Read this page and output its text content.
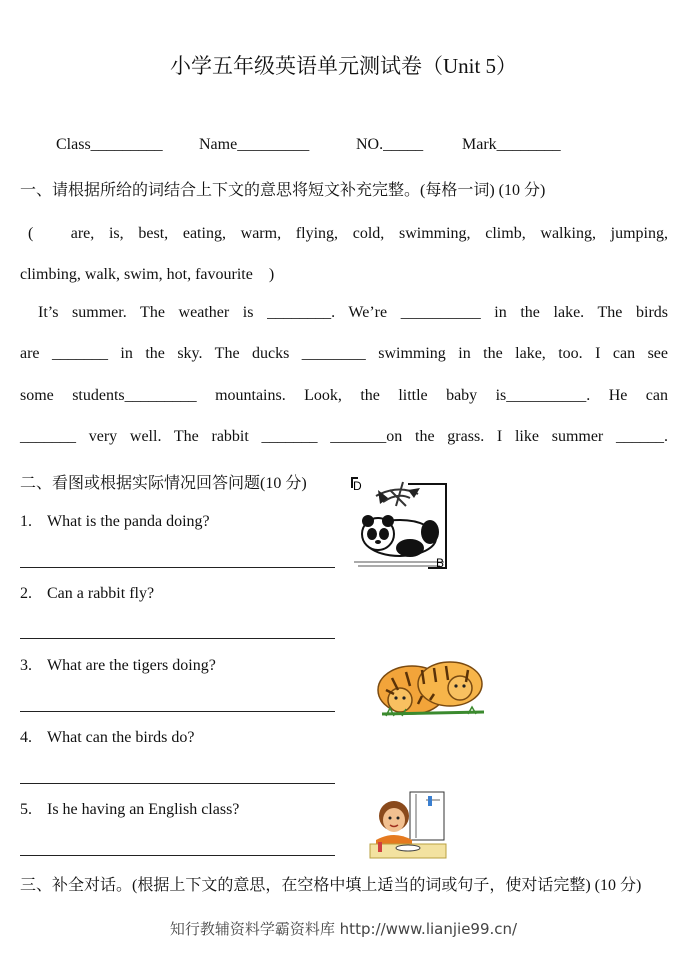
小学五年级英语单元测试卷（Unit 5）
Class_________ Name_________	NO._____ Mark________
一、请根据所给的词结合上下文的意思将短文补充完整。(每格一词) (10 分)
(　are, is, best, eating, warm, flying, cold, swimming, climb, walking, jumping,
climbing, walk, swim, hot, favourite　)
It’s summer. The weather is ________. We’re __________ in the lake. The birds
are _______ in the sky. The ducks ________ swimming in the lake, too. I can see
some students_________ mountains. Look, the little baby is__________. He can
_______ very well. The rabbit _______ _______on the grass. I like summer ______.
二、看图或根据实际情况回答问题(10 分)
1. What is the panda doing?
2. Can a rabbit fly?
3. What are the tigers doing?
4. What can the birds do?
5. Is he having an English class?
D
B
三、补全对话。(根据上下文的意思，在空格中填上适当的词或句子，使对话完整) (10 分)
知行教辅资料学霸资料库 http://www.lianjie99.cn/
